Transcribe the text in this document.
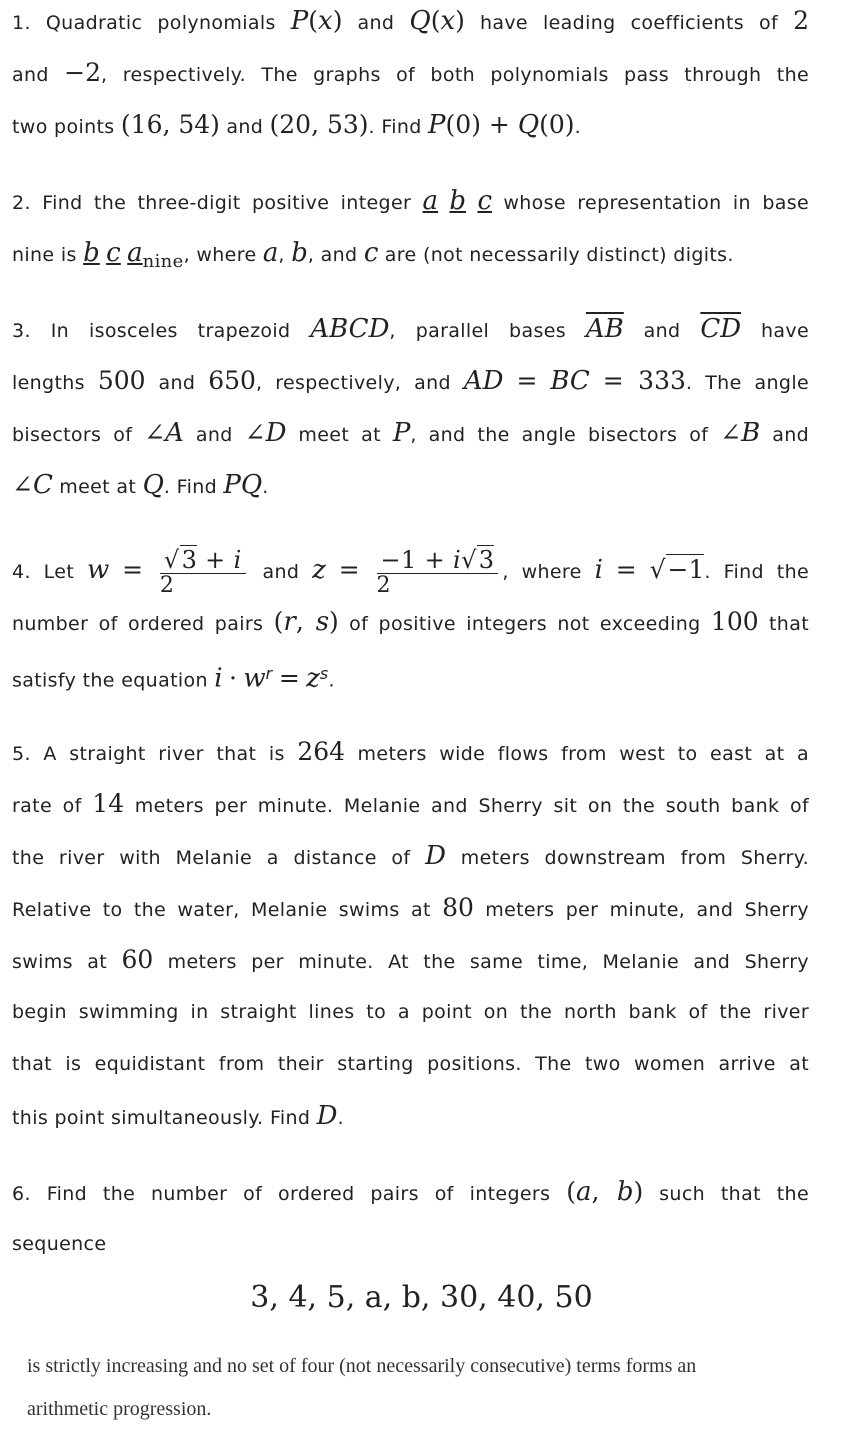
1. Quadratic polynomials P(x) and Q(x) have leading coefficients of 2
and −2, respectively. The graphs of both polynomials pass through the
two points (16, 54) and (20, 53). Find P(0) + Q(0).
2. Find the three-digit positive integer a b c whose representation in base
nine is b c anine, where a, b, and c are (not necessarily distinct) digits.
3. In isosceles trapezoid ABCD, parallel bases $\overline{AB}$ and $\overline{CD}$ have
lengths 500 and 650, respectively, and AD = BC = 333. The angle
bisectors of ∠A and ∠D meet at P, and the angle bisectors of ∠B and
∠C meet at Q. Find PQ.
4. Let $w = \frac{√3 + i}{2}$ and $z = \frac{-1 + i√3}{2}$ , where i = √−1. Find the
number of ordered pairs (r, s) of positive integers not exceeding 100 that
satisfy the equation $i \cdot w^r = z^s$.
5. A straight river that is 264 meters wide flows from west to east at a
rate of 14 meters per minute. Melanie and Sherry sit on the south bank of
the river with Melanie a distance of D meters downstream from Sherry.
Relative to the water, Melanie swims at 80 meters per minute, and Sherry
swims at 60 meters per minute. At the same time, Melanie and Sherry
begin swimming in straight lines to a point on the north bank of the river
that is equidistant from their starting positions. The two women arrive at
this point simultaneously. Find D.
6. Find the number of ordered pairs of integers (a, b) such that the
sequence
3, 4, 5, a, b, 30, 40, 50
is strictly increasing and no set of four (not necessarily consecutive) terms forms an
arithmetic progression.
